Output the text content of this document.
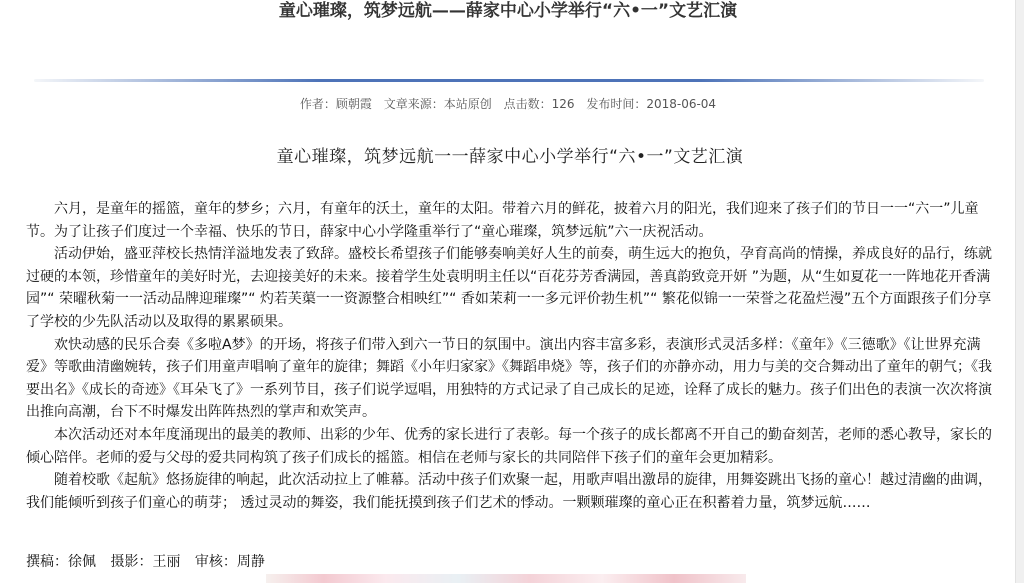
童心璀璨，筑梦远航——薛家中心小学举行“六•一”文艺汇演
作者：顾朝霞 文章来源：本站原创 点击数：126 发布时间：2018-06-04
童心璀璨，筑梦远航一一薛家中心小学举行“六•一”文艺汇演

六月，是童年的摇篮，童年的梦乡；六月，有童年的沃土，童年的太阳。带着六月的鲜花，披着六月的阳光，我们迎来了孩子们的节日一一“六一”儿童节。为了让孩子们度过一个幸福、快乐的节日，薛家中心小学隆重举行了“童心璀璨，筑梦远航”六一庆祝活动。

活动伊始，盛亚萍校长热情洋溢地发表了致辞。盛校长希望孩子们能够奏响美好人生的前奏，萌生远大的抱负，孕育高尚的情操，养成良好的品行，练就过硬的本领，珍惜童年的美好时光，去迎接美好的未来。接着学生处袁明明主任以“百花芬芳香满园，善真韵致竞开妍 ”为题，从“生如夏花一一阵地花开香满园”“ 荣曜秋菊一一活动品牌迎璀璨”“ 灼若芙蕖一一资源整合相映红”“ 香如茉莉一一多元评价勃生机”“ 繁花似锦一一荣誉之花盈烂漫”五个方面跟孩子们分享了学校的少先队活动以及取得的累累硕果。

欢快动感的民乐合奏《多啦A梦》的开场，将孩子们带入到六一节日的氛围中。演出内容丰富多彩，表演形式灵活多样：《童年》《三德歌》《让世界充满爱》等歌曲清幽婉转，孩子们用童声唱响了童年的旋律；舞蹈《小年归家家》《舞蹈串烧》等，孩子们的亦静亦动，用力与美的交合舞动出了童年的朝气；《我要出名》《成长的奇迹》《耳朵飞了》一系列节目，孩子们说学逗唱，用独特的方式记录了自己成长的足迹，诠释了成长的魅力。孩子们出色的表演一次次将演出推向高潮，台下不时爆发出阵阵热烈的掌声和欢笑声。

本次活动还对本年度涌现出的最美的教师、出彩的少年、优秀的家长进行了表彰。每一个孩子的成长都离不开自己的勤奋刻苦，老师的悉心教导，家长的倾心陪伴。老师的爱与父母的爱共同构筑了孩子们成长的摇篮。相信在老师与家长的共同陪伴下孩子们的童年会更加精彩。

随着校歌《起航》悠扬旋律的响起，此次活动拉上了帷幕。活动中孩子们欢聚一起，用歌声唱出激昂的旋律，用舞姿跳出飞扬的童心！越过清幽的曲调，我们能倾听到孩子们童心的萌芽； 透过灵动的舞姿，我们能抚摸到孩子们艺术的悸动。一颗颗璀璨的童心正在积蓄着力量，筑梦远航……

撰稿：徐佩 摄影：王丽 审核：周静
